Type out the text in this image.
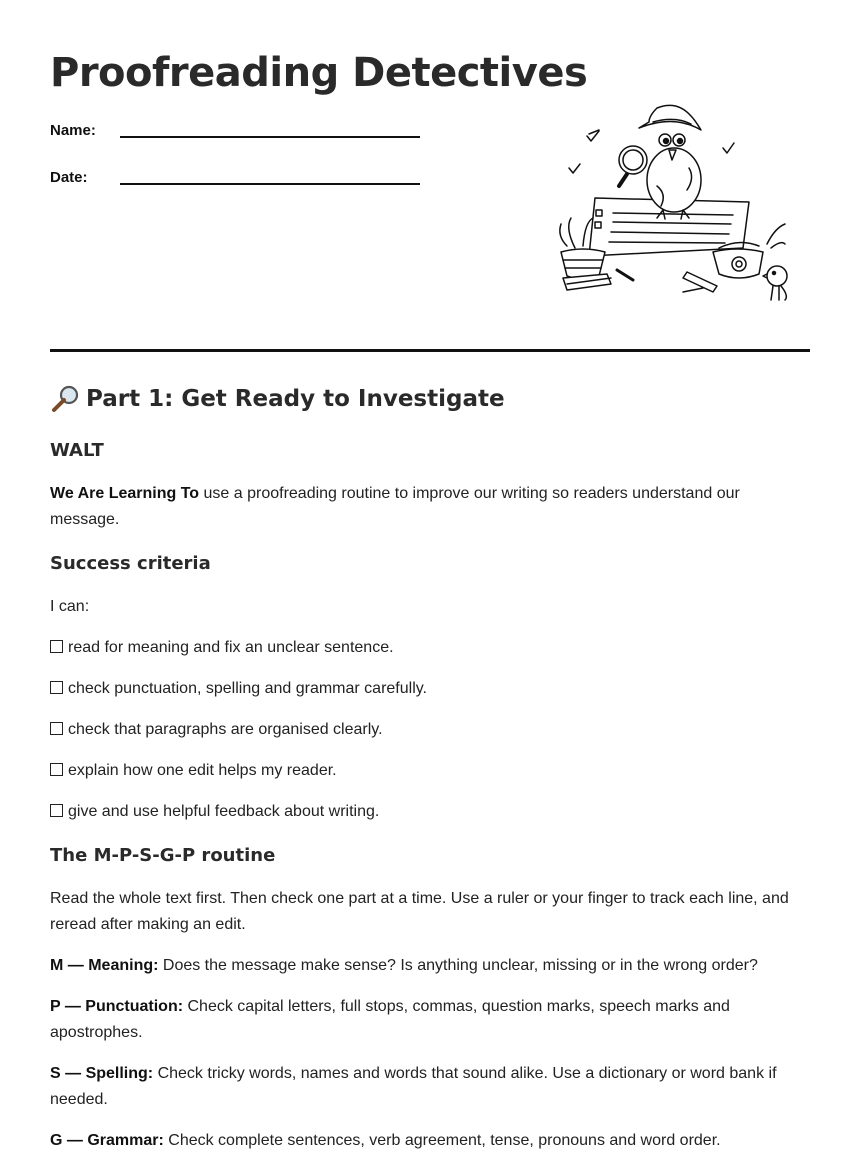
Proofreading Detectives
Name:
Date:
Part 1: Get Ready to Investigate
WALT

We Are Learning To use a proofreading routine to improve our writing so readers understand our message.

Success criteria

I can:

read for meaning and fix an unclear sentence.

check punctuation, spelling and grammar carefully.

check that paragraphs are organised clearly.

explain how one edit helps my reader.

give and use helpful feedback about writing.

The M-P-S-G-P routine

Read the whole text first. Then check one part at a time. Use a ruler or your finger to track each line, and reread after making an edit.

M — Meaning: Does the message make sense? Is anything unclear, missing or in the wrong order?

P — Punctuation: Check capital letters, full stops, commas, question marks, speech marks and apostrophes.

S — Spelling: Check tricky words, names and words that sound alike. Use a dictionary or word bank if needed.

G — Grammar: Check complete sentences, verb agreement, tense, pronouns and word order.
